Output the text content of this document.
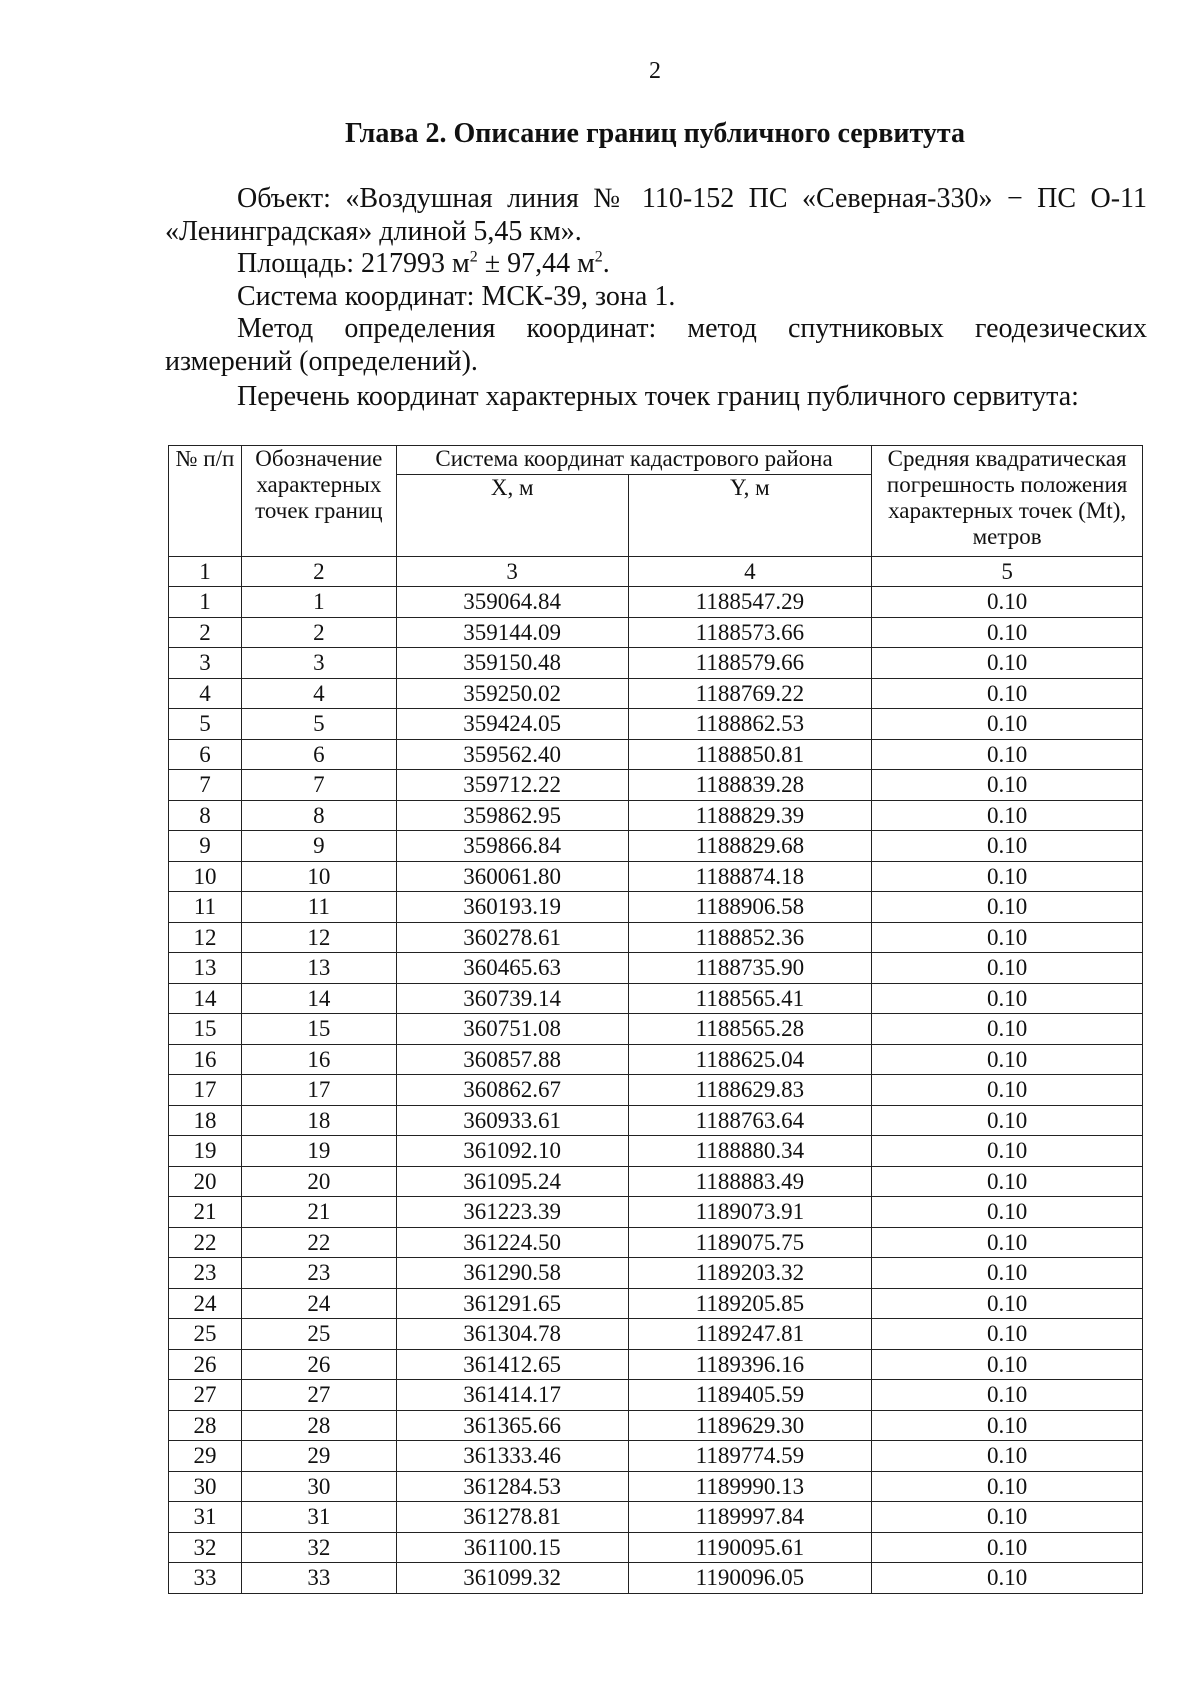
2
Глава 2. Описание границ публичного сервитута

Объект: «Воздушная линия № 110-152 ПС «Северная-330» − ПС О-11 «Ленинградская» длиной 5,45 км».

Площадь: 217993 $м^2 \pm 97,44$ $м^2$.

Система координат: МСК-39, зона 1.

Метод определения координат: метод спутниковых геодезических измерений (определений).

Перечень координат характерных точек границ публичного сервитута:

№ п/п	Обозначение характерных точек границ	Система координат кадастрового района		Средняя квадратическая погрешность положения характерных точек (Mt), метров
		X, м	Y, м	
1	2	3	4	5
1	1	359064.84	1188547.29	0.10
2	2	359144.09	1188573.66	0.10
3	3	359150.48	1188579.66	0.10
4	4	359250.02	1188769.22	0.10
5	5	359424.05	1188862.53	0.10
6	6	359562.40	1188850.81	0.10
7	7	359712.22	1188839.28	0.10
8	8	359862.95	1188829.39	0.10
9	9	359866.84	1188829.68	0.10
10	10	360061.80	1188874.18	0.10
11	11	360193.19	1188906.58	0.10
12	12	360278.61	1188852.36	0.10
13	13	360465.63	1188735.90	0.10
14	14	360739.14	1188565.41	0.10
15	15	360751.08	1188565.28	0.10
16	16	360857.88	1188625.04	0.10
17	17	360862.67	1188629.83	0.10
18	18	360933.61	1188763.64	0.10
19	19	361092.10	1188880.34	0.10
20	20	361095.24	1188883.49	0.10
21	21	361223.39	1189073.91	0.10
22	22	361224.50	1189075.75	0.10
23	23	361290.58	1189203.32	0.10
24	24	361291.65	1189205.85	0.10
25	25	361304.78	1189247.81	0.10
26	26	361412.65	1189396.16	0.10
27	27	361414.17	1189405.59	0.10
28	28	361365.66	1189629.30	0.10
29	29	361333.46	1189774.59	0.10
30	30	361284.53	1189990.13	0.10
31	31	361278.81	1189997.84	0.10
32	32	361100.15	1190095.61	0.10
33	33	361099.32	1190096.05	0.10
